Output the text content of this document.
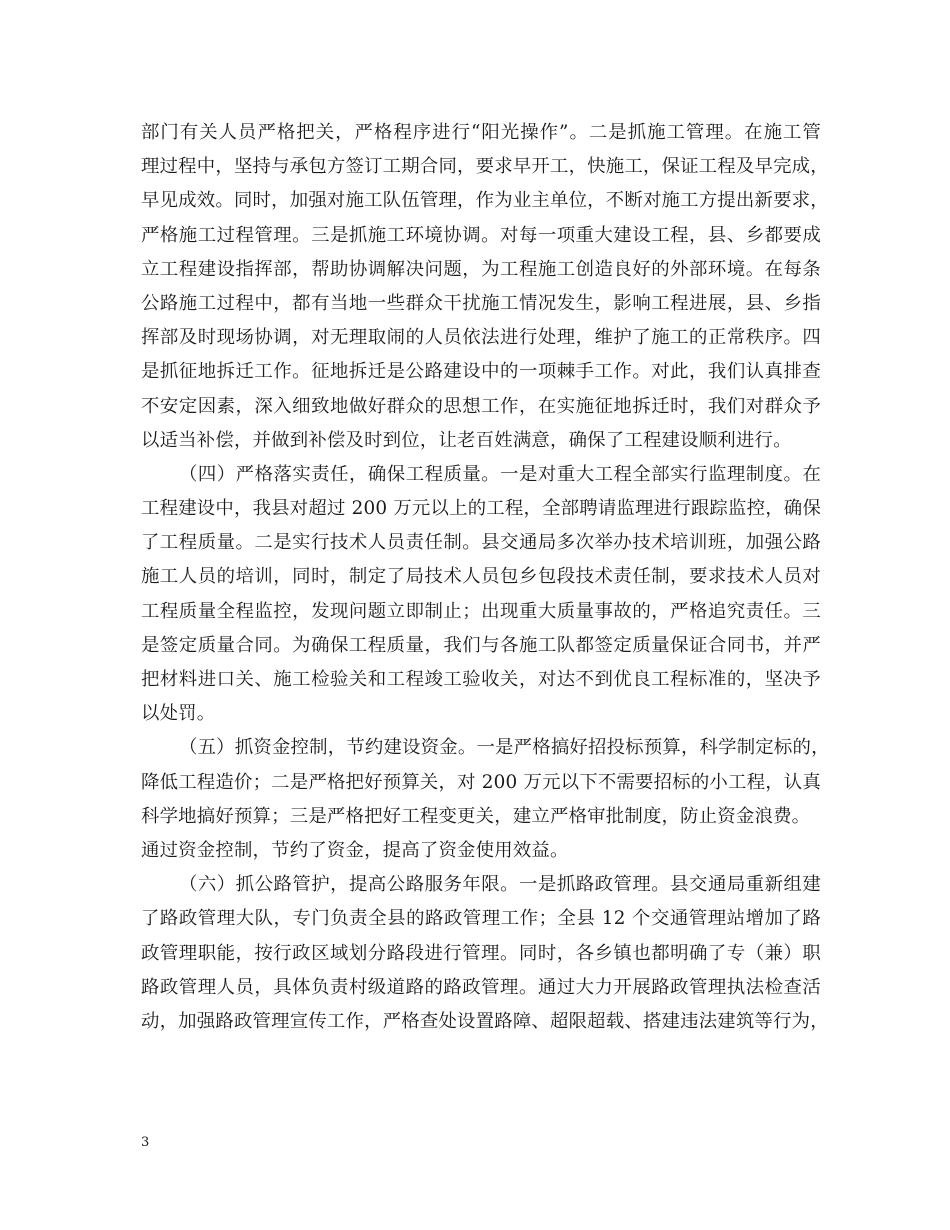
部门有关人员严格把关，严格程序进行“阳光操作”。二是抓施工管理。在施工管
理过程中，坚持与承包方签订工期合同，要求早开工，快施工，保证工程及早完成，
早见成效。同时，加强对施工队伍管理，作为业主单位，不断对施工方提出新要求，
严格施工过程管理。三是抓施工环境协调。对每一项重大建设工程，县、乡都要成
立工程建设指挥部，帮助协调解决问题，为工程施工创造良好的外部环境。在每条
公路施工过程中，都有当地一些群众干扰施工情况发生，影响工程进展，县、乡指
挥部及时现场协调，对无理取闹的人员依法进行处理，维护了施工的正常秩序。四
是抓征地拆迁工作。征地拆迁是公路建设中的一项棘手工作。对此，我们认真排查
不安定因素，深入细致地做好群众的思想工作，在实施征地拆迁时，我们对群众予
以适当补偿，并做到补偿及时到位，让老百姓满意，确保了工程建设顺利进行。
（四）严格落实责任，确保工程质量。一是对重大工程全部实行监理制度。在
工程建设中，我县对超过 200 万元以上的工程，全部聘请监理进行跟踪监控，确保
了工程质量。二是实行技术人员责任制。县交通局多次举办技术培训班，加强公路
施工人员的培训，同时，制定了局技术人员包乡包段技术责任制，要求技术人员对
工程质量全程监控，发现问题立即制止；出现重大质量事故的，严格追究责任。三
是签定质量合同。为确保工程质量，我们与各施工队都签定质量保证合同书，并严
把材料进口关、施工检验关和工程竣工验收关，对达不到优良工程标准的，坚决予
以处罚。
（五）抓资金控制，节约建设资金。一是严格搞好招投标预算，科学制定标的，
降低工程造价；二是严格把好预算关，对 200 万元以下不需要招标的小工程，认真
科学地搞好预算；三是严格把好工程变更关，建立严格审批制度，防止资金浪费。
通过资金控制，节约了资金，提高了资金使用效益。
（六）抓公路管护，提高公路服务年限。一是抓路政管理。县交通局重新组建
了路政管理大队，专门负责全县的路政管理工作；全县 12 个交通管理站增加了路
政管理职能，按行政区域划分路段进行管理。同时，各乡镇也都明确了专（兼）职
路政管理人员，具体负责村级道路的路政管理。通过大力开展路政管理执法检查活
动，加强路政管理宣传工作，严格查处设置路障、超限超载、搭建违法建筑等行为，
3
